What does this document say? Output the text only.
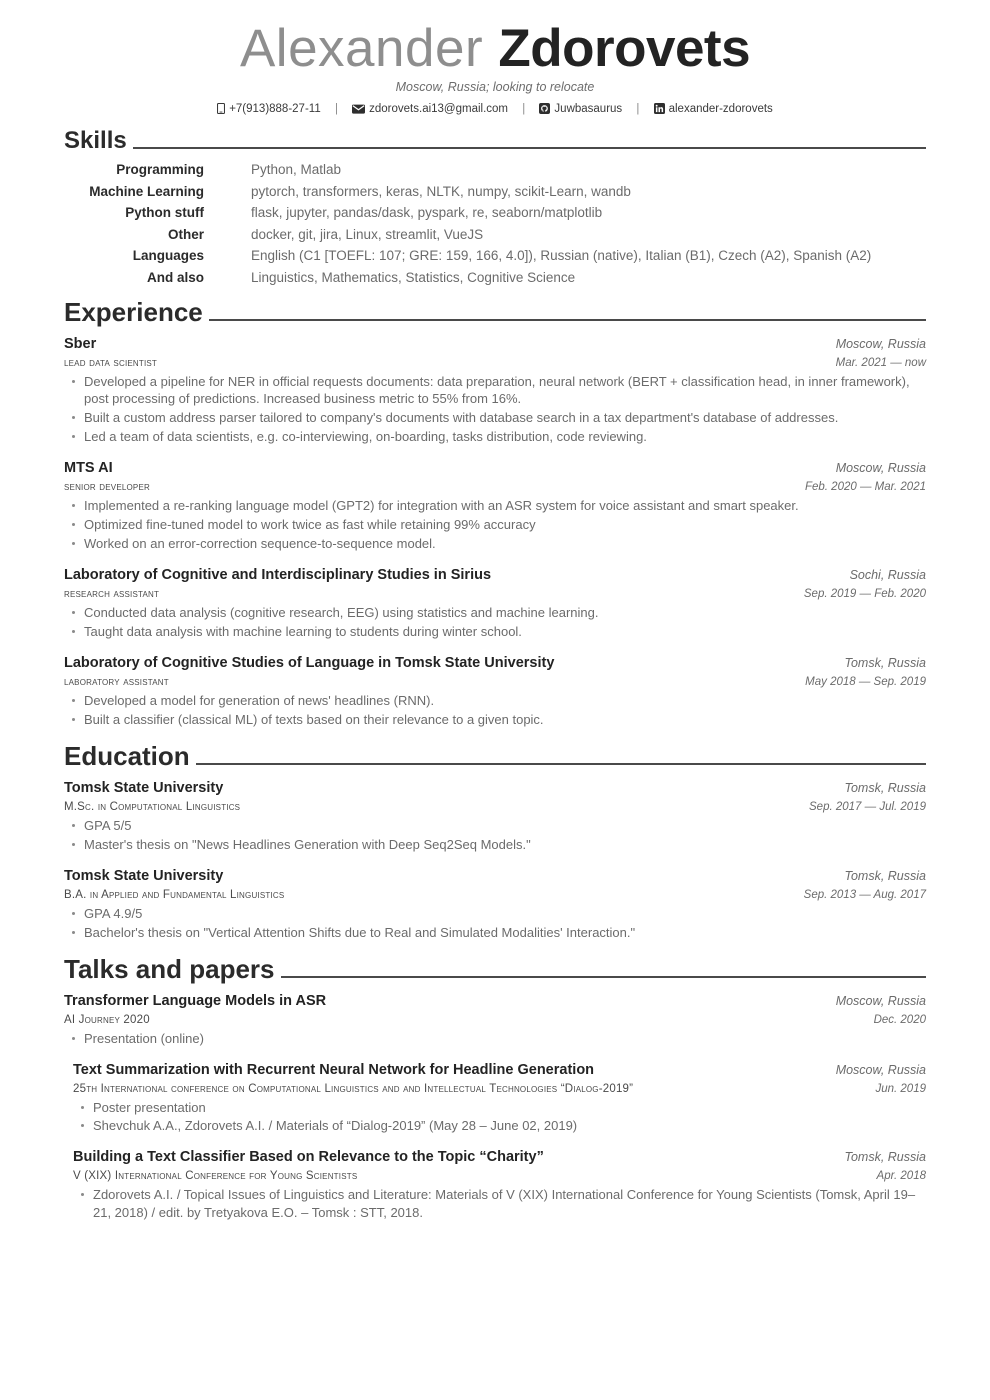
Alexander Zdorovets
Moscow, Russia; looking to relocate
+7(913)888-27-11 |	zdorovets.ai13@gmail.com |	Juwbasaurus |	alexander-zdorovets
Skills
Programming	Python, Matlab
Machine Learning	pytorch, transformers, keras, NLTK, numpy, scikit-Learn, wandb
Python stuff	flask, jupyter, pandas/dask, pyspark, re, seaborn/matplotlib
Other	docker, git, jira, Linux, streamlit, VueJS
Languages	English (C1 [TOEFL: 107; GRE: 159, 166, 4.0]), Russian (native), Italian (B1), Czech (A2), Spanish (A2)
And also	Linguistics, Mathematics, Statistics, Cognitive Science
Experience
Sber	Moscow, Russia
lead data scientist	Mar. 2021 — now
Developed a pipeline for NER in official requests documents: data preparation, neural network (BERT + classification head, in inner framework), post processing of predictions. Increased business metric to 55% from 16%.
Built a custom address parser tailored to company's documents with database search in a tax department's database of addresses.
Led a team of data scientists, e.g. co-interviewing, on-boarding, tasks distribution, code reviewing.
MTS AI	Moscow, Russia
senior developer	Feb. 2020 — Mar. 2021
Implemented a re-ranking language model (GPT2) for integration with an ASR system for voice assistant and smart speaker.
Optimized fine-tuned model to work twice as fast while retaining 99% accuracy
Worked on an error-correction sequence-to-sequence model.
Laboratory of Cognitive and Interdisciplinary Studies in Sirius	Sochi, Russia
research assistant	Sep. 2019 — Feb. 2020
Conducted data analysis (cognitive research, EEG) using statistics and machine learning.
Taught data analysis with machine learning to students during winter school.
Laboratory of Cognitive Studies of Language in Tomsk State University	Tomsk, Russia
laboratory assistant	May 2018 — Sep. 2019
Developed a model for generation of news' headlines (RNN).
Built a classifier (classical ML) of texts based on their relevance to a given topic.
Education
Tomsk State University	Tomsk, Russia
M.Sc. in Computational Linguistics	Sep. 2017 — Jul. 2019
GPA 5/5
Master's thesis on "News Headlines Generation with Deep Seq2Seq Models."
Tomsk State University	Tomsk, Russia
B.A. in Applied and Fundamental Linguistics	Sep. 2013 — Aug. 2017
GPA 4.9/5
Bachelor's thesis on "Vertical Attention Shifts due to Real and Simulated Modalities' Interaction."
Talks and papers
Transformer Language Models in ASR	Moscow, Russia
AI Journey 2020	Dec. 2020
Presentation (online)
Text Summarization with Recurrent Neural Network for Headline Generation	Moscow, Russia
25th International conference on Computational Linguistics and and Intellectual Technologies “Dialog-2019”	Jun. 2019
Poster presentation
Shevchuk A.A., Zdorovets A.I. / Materials of “Dialog-2019” (May 28 – June 02, 2019)
Building a Text Classifier Based on Relevance to the Topic “Charity”	Tomsk, Russia
V (XIX) International Conference for Young Scientists	Apr. 2018
Zdorovets A.I. / Topical Issues of Linguistics and Literature: Materials of V (XIX) International Conference for Young Scientists (Tomsk, April 19–21, 2018) / edit. by Tretyakova E.O. – Tomsk : STT, 2018.
